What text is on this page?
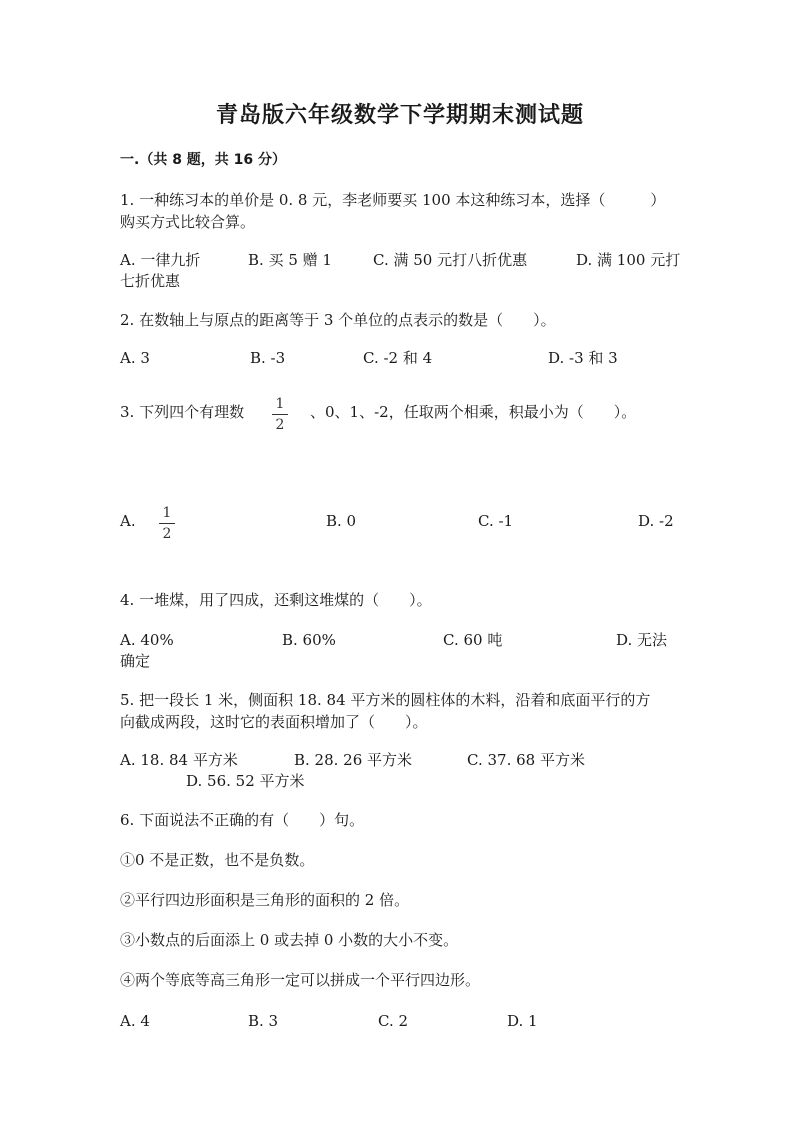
青岛版六年级数学下学期期末测试题
一.（共 8 题，共 16 分）
1. 一种练习本的单价是 0. 8 元，李老师要买 100 本这种练习本，选择（　　　）
购买方式比较合算。
A. 一律九折	B. 买 5 赠 1	C. 满 50 元打八折优惠	D. 满 100 元打
七折优惠
2. 在数轴上与原点的距离等于 3 个单位的点表示的数是（　　）。
A. 3	B. -3	C. -2 和 4	D. -3 和 3
3. 下列四个有理数 1
2
、0、1、-2，任取两个相乘，积最小为（　　）。
A. 1
2
B. 0	C. -1	D. -2
4. 一堆煤，用了四成，还剩这堆煤的（　　）。
A. 40%	B. 60%	C. 60 吨	D. 无法
确定
5. 把一段长 1 米，侧面积 18. 84 平方米的圆柱体的木料，沿着和底面平行的方
向截成两段，这时它的表面积增加了（　　）。
A. 18. 84 平方米	B. 28. 26 平方米	C. 37. 68 平方米
D. 56. 52 平方米
6. 下面说法不正确的有（　　）句。
①0 不是正数，也不是负数。
②平行四边形面积是三角形的面积的 2 倍。
③小数点的后面添上 0 或去掉 0 小数的大小不变。
④两个等底等高三角形一定可以拼成一个平行四边形。
A. 4	B. 3	C. 2	D. 1
